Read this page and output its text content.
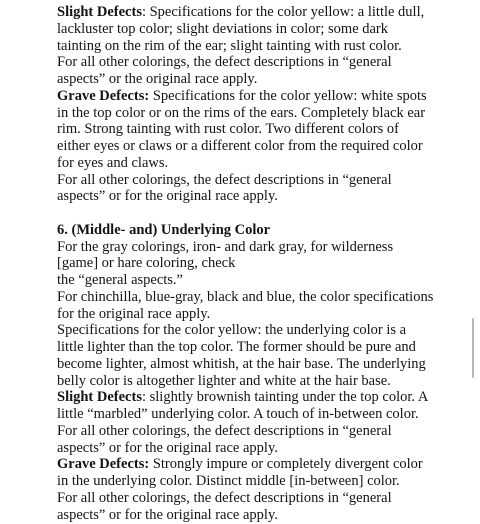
Slight Defects: Specifications for the color yellow: a little dull,
lackluster top color; slight deviations in color; some dark
tainting on the rim of the ear; slight tainting with rust color.
For all other colorings, the defect descriptions in “general
aspects” or the original race apply.
Grave Defects: Specifications for the color yellow: white spots
in the top color or on the rims of the ears. Completely black ear
rim. Strong tainting with rust color. Two different colors of
either eyes or claws or a different color from the required color
for eyes and claws.
For all other colorings, the defect descriptions in “general
aspects” or for the original race apply.
6. (Middle- and) Underlying Color
For the gray colorings, iron- and dark gray, for wilderness
[game] or hare coloring, check
the “general aspects.”
For chinchilla, blue-gray, black and blue, the color specifications
for the original race apply.
Specifications for the color yellow: the underlying color is a
little lighter than the top color. The former should be pure and
become lighter, almost whitish, at the hair base. The underlying
belly color is altogether lighter and white at the hair base.
Slight Defects: slightly brownish tainting under the top color. A
little “marbled” underlying color. A touch of in-between color.
For all other colorings, the defect descriptions in “general
aspects” or for the original race apply.
Grave Defects: Strongly impure or completely divergent color
in the underlying color. Distinct middle [in-between] color.
For all other colorings, the defect descriptions in “general
aspects” or for the original race apply.
